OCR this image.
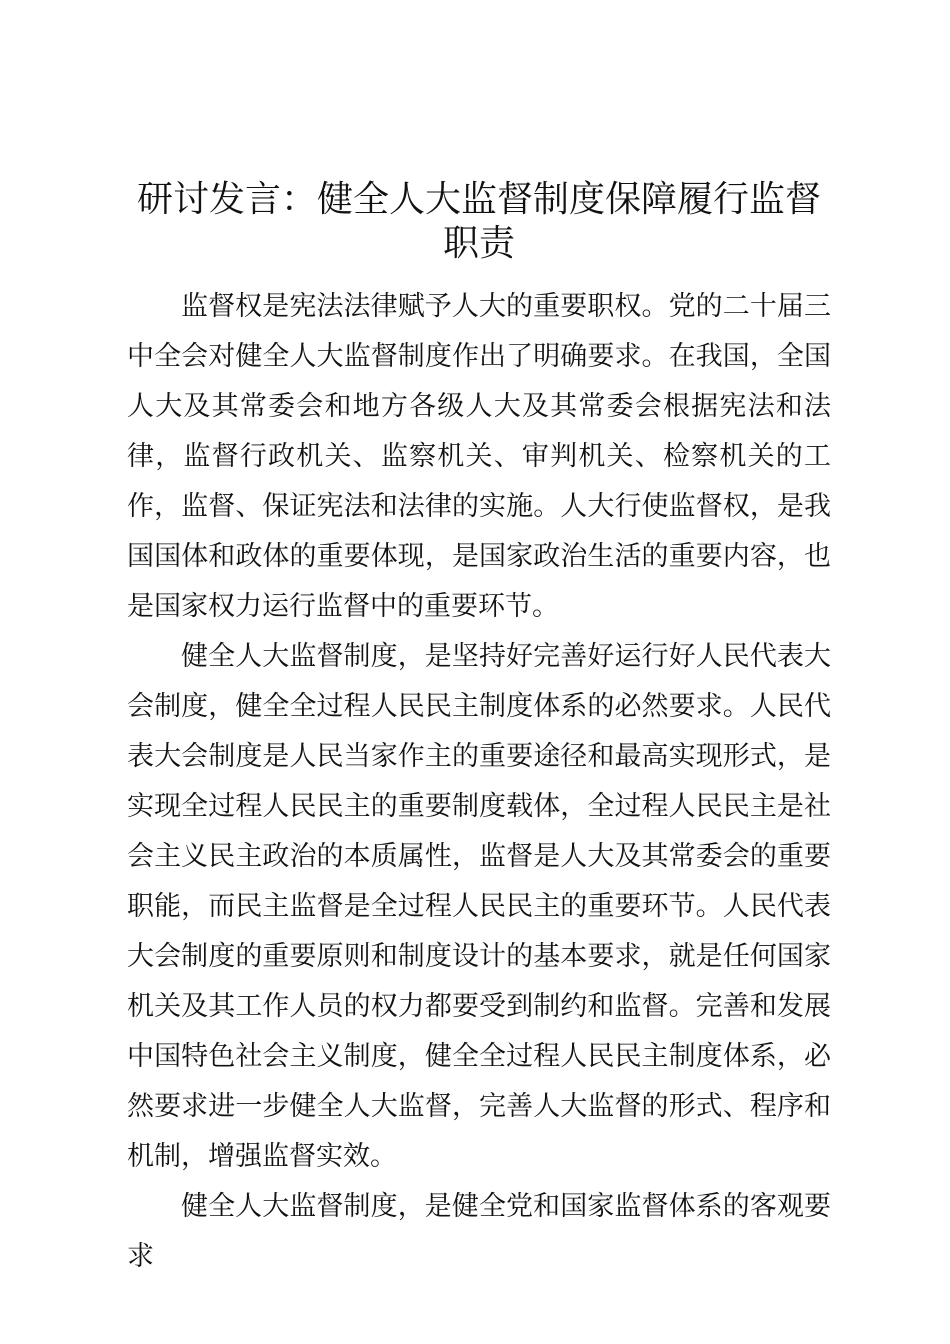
研讨发言：健全人大监督制度保障履行监督职责

监督权是宪法法律赋予人大的重要职权。党的二十届三中全会对健全人大监督制度作出了明确要求。在我国，全国人大及其常委会和地方各级人大及其常委会根据宪法和法律，监督行政机关、监察机关、审判机关、检察机关的工作，监督、保证宪法和法律的实施。人大行使监督权，是我国国体和政体的重要体现，是国家政治生活的重要内容，也是国家权力运行监督中的重要环节。

健全人大监督制度，是坚持好完善好运行好人民代表大会制度，健全全过程人民民主制度体系的必然要求。人民代表大会制度是人民当家作主的重要途径和最高实现形式，是实现全过程人民民主的重要制度载体，全过程人民民主是社会主义民主政治的本质属性，监督是人大及其常委会的重要职能，而民主监督是全过程人民民主的重要环节。人民代表大会制度的重要原则和制度设计的基本要求，就是任何国家机关及其工作人员的权力都要受到制约和监督。完善和发展中国特色社会主义制度，健全全过程人民民主制度体系，必然要求进一步健全人大监督，完善人大监督的形式、程序和机制，增强监督实效。

健全人大监督制度，是健全党和国家监督体系的客观要求
